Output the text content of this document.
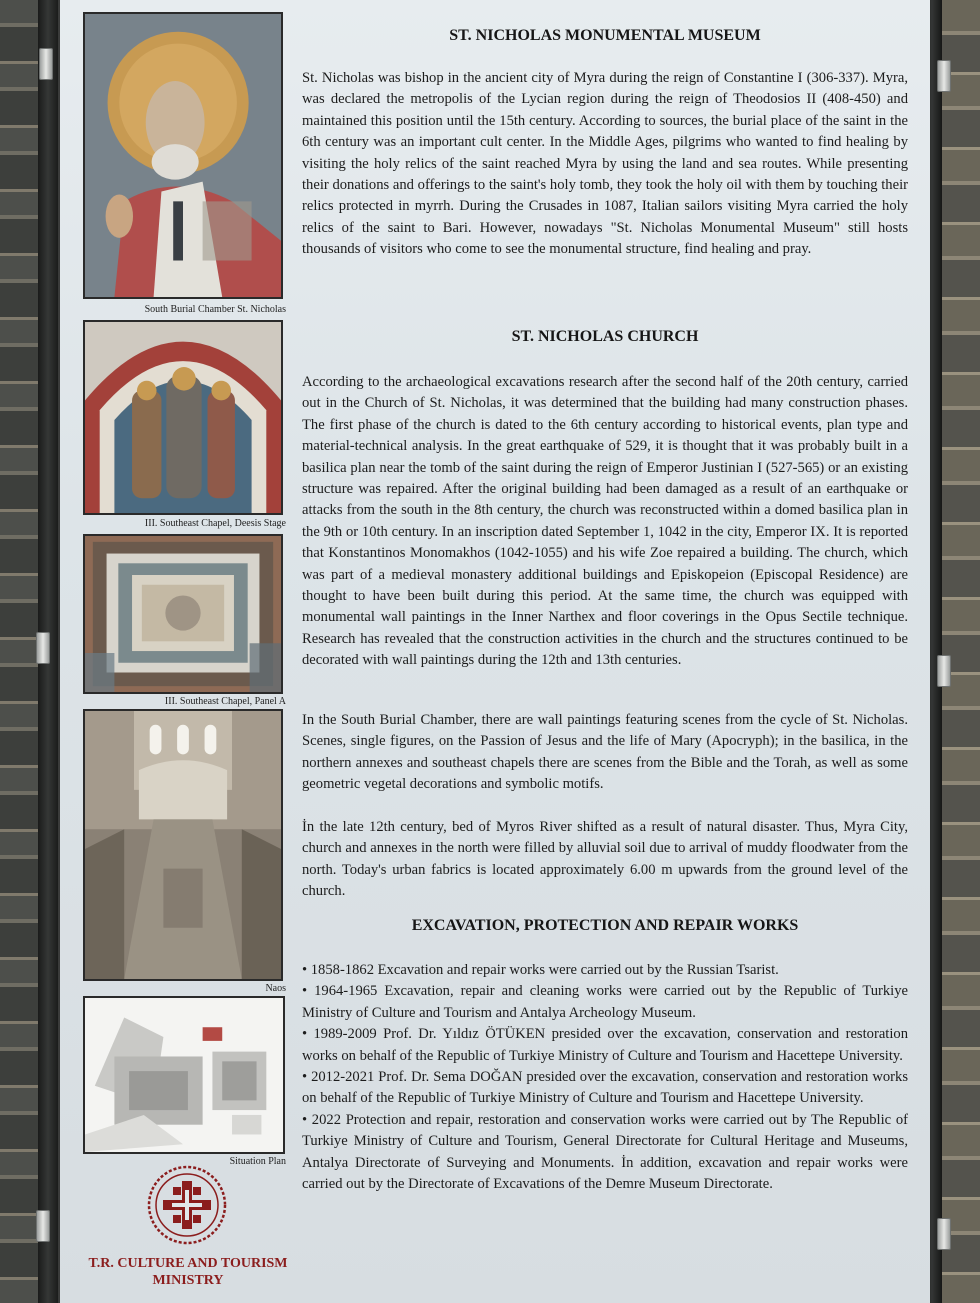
South Burial Chamber St. Nicholas
III. Southeast Chapel, Deesis Stage
III. Southeast Chapel, Panel A
Naos
Situation Plan
T.R. CULTURE AND TOURISM
MINISTRY
ST. NICHOLAS MONUMENTAL MUSEUM

St. Nicholas was bishop in the ancient city of Myra during the reign of Constantine I (306-337). Myra, was declared the metropolis of the Lycian region during the reign of Theodosios II (408-450) and maintained this position until the 15th century. According to sources, the burial place of the saint in the 6th century was an important cult center. In the Middle Ages, pilgrims who wanted to find healing by visiting the holy relics of the saint reached Myra by using the land and sea routes. While presenting their donations and offerings to the saint's holy tomb, they took the holy oil with them by touching their relics protected in myrrh. During the Crusades in 1087, Italian sailors visiting Myra carried the holy relics of the saint to Bari. However, nowadays "St. Nicholas Monumental Museum" still hosts thousands of visitors who come to see the monumental structure, find healing and pray.

ST. NICHOLAS CHURCH

According to the archaeological excavations research after the second half of the 20th century, carried out in the Church of St. Nicholas, it was determined that the building had many construction phases. The first phase of the church is dated to the 6th century according to historical events, plan type and material-technical analysis. In the great earthquake of 529, it is thought that it was probably built in a basilica plan near the tomb of the saint during the reign of Emperor Justinian I (527-565) or an existing structure was repaired. After the original building had been damaged as a result of an earthquake or attacks from the south in the 8th century, the church was reconstructed within a domed basilica plan in the 9th or 10th century. In an inscription dated September 1, 1042 in the city, Emperor IX. It is reported that Konstantinos Monomakhos (1042-1055) and his wife Zoe repaired a building. The church, which was part of a medieval monastery additional buildings and Episkopeion (Episcopal Residence) are thought to have been built during this period. At the same time, the church was equipped with monumental wall paintings in the Inner Narthex and floor coverings in the Opus Sectile technique. Research has revealed that the construction activities in the church and the structures continued to be decorated with wall paintings during the 12th and 13th centuries.

In the South Burial Chamber, there are wall paintings featuring scenes from the cycle of St. Nicholas. Scenes, single figures, on the Passion of Jesus and the life of Mary (Apocryph); in the basilica, in the northern annexes and southeast chapels there are scenes from the Bible and the Torah, as well as some geometric vegetal decorations and symbolic motifs.

İn the late 12th century, bed of Myros River shifted as a result of natural disaster. Thus, Myra City, church and annexes in the north were filled by alluvial soil due to arrival of muddy floodwater from the north. Today's urban fabrics is located approximately 6.00 m upwards from the ground level of the church.

EXCAVATION, PROTECTION AND REPAIR WORKS

• 1858-1862 Excavation and repair works were carried out by the Russian Tsarist.
• 1964-1965 Excavation, repair and cleaning works were carried out by the Republic of Turkiye Ministry of Culture and Tourism and Antalya Archeology Museum.
• 1989-2009 Prof. Dr. Yıldız ÖTÜKEN presided over the excavation, conservation and restoration works on behalf of the Republic of Turkiye Ministry of Culture and Tourism and Hacettepe University.
• 2012-2021 Prof. Dr. Sema DOĞAN presided over the excavation, conservation and restoration works on behalf of the Republic of Turkiye Ministry of Culture and Tourism and Hacettepe University.
• 2022 Protection and repair, restoration and conservation works were carried out by The Republic of Turkiye Ministry of Culture and Tourism, General Directorate for Cultural Heritage and Museums, Antalya Directorate of Surveying and Monuments. İn addition, excavation and repair works were carried out by the Directorate of Excavations of the Demre Museum Directorate.
